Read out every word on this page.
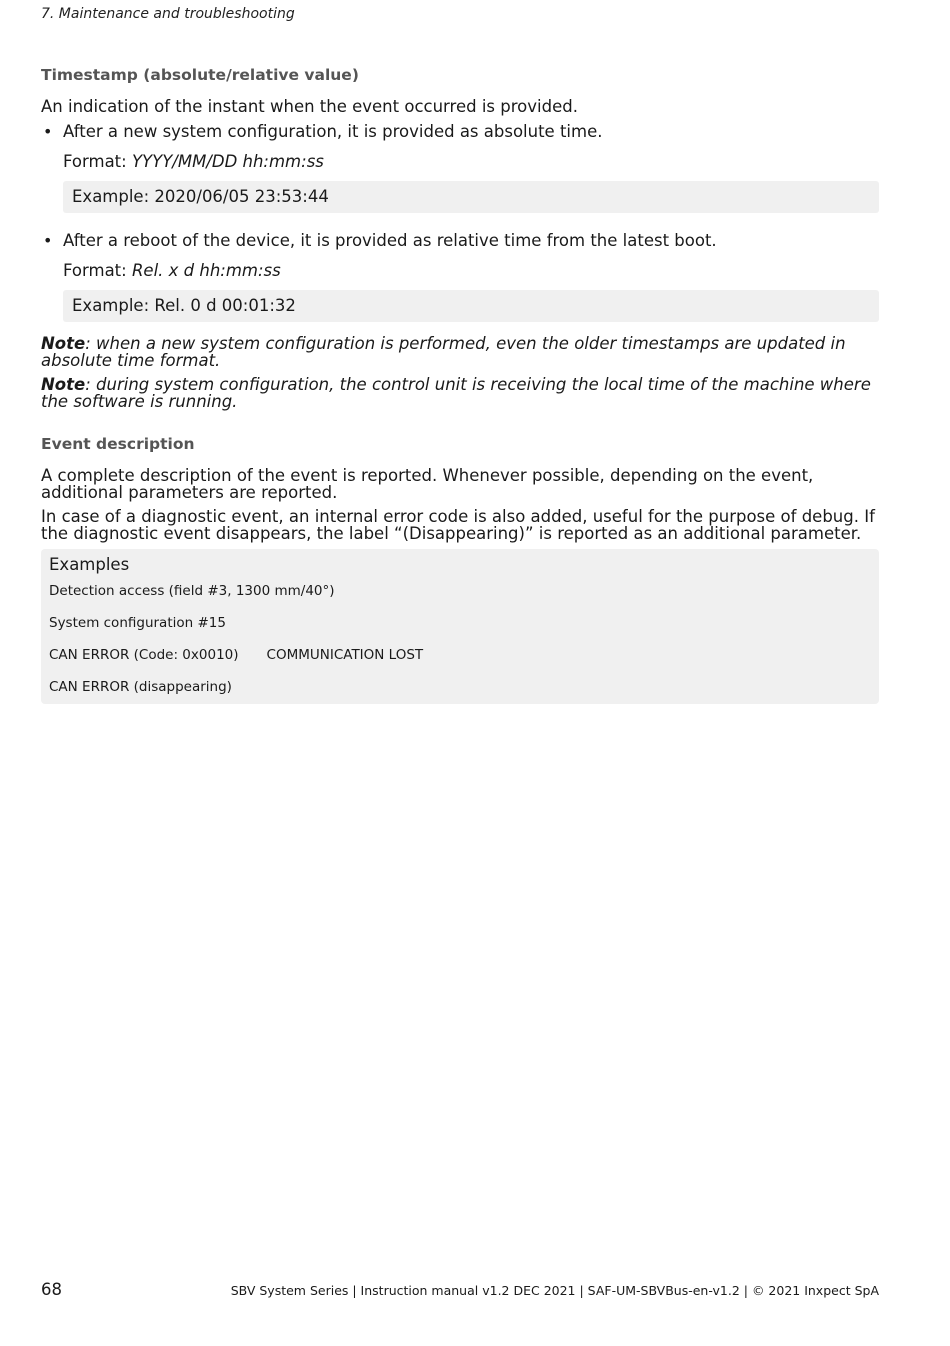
7. Maintenance and troubleshooting
Timestamp (absolute/relative value)

An indication of the instant when the event occurred is provided.

• After a new system configuration, it is provided as absolute time.
Format: YYYY/MM/DD hh:mm:ss
Example: 2020/06/05 23:53:44
• After a reboot of the device, it is provided as relative time from the latest boot.
Format: Rel. x d hh:mm:ss
Example: Rel. 0 d 00:01:32

Note: when a new system configuration is performed, even the older timestamps are updated in absolute time format.

Note: during system configuration, the control unit is receiving the local time of the machine where the software is running.

Event description

A complete description of the event is reported. Whenever possible, depending on the event, additional parameters are reported.

In case of a diagnostic event, an internal error code is also added, useful for the purpose of debug. If the diagnostic event disappears, the label “(Disappearing)” is reported as an additional parameter.

Examples
Detection access (field #3, 1300 mm/40°)
System configuration #15
CAN ERROR (Code: 0x0010) COMMUNICATION LOST
CAN ERROR (disappearing)
68	SBV System Series | Instruction manual v1.2 DEC 2021 | SAF-UM-SBVBus-en-v1.2 | © 2021 Inxpect SpA
